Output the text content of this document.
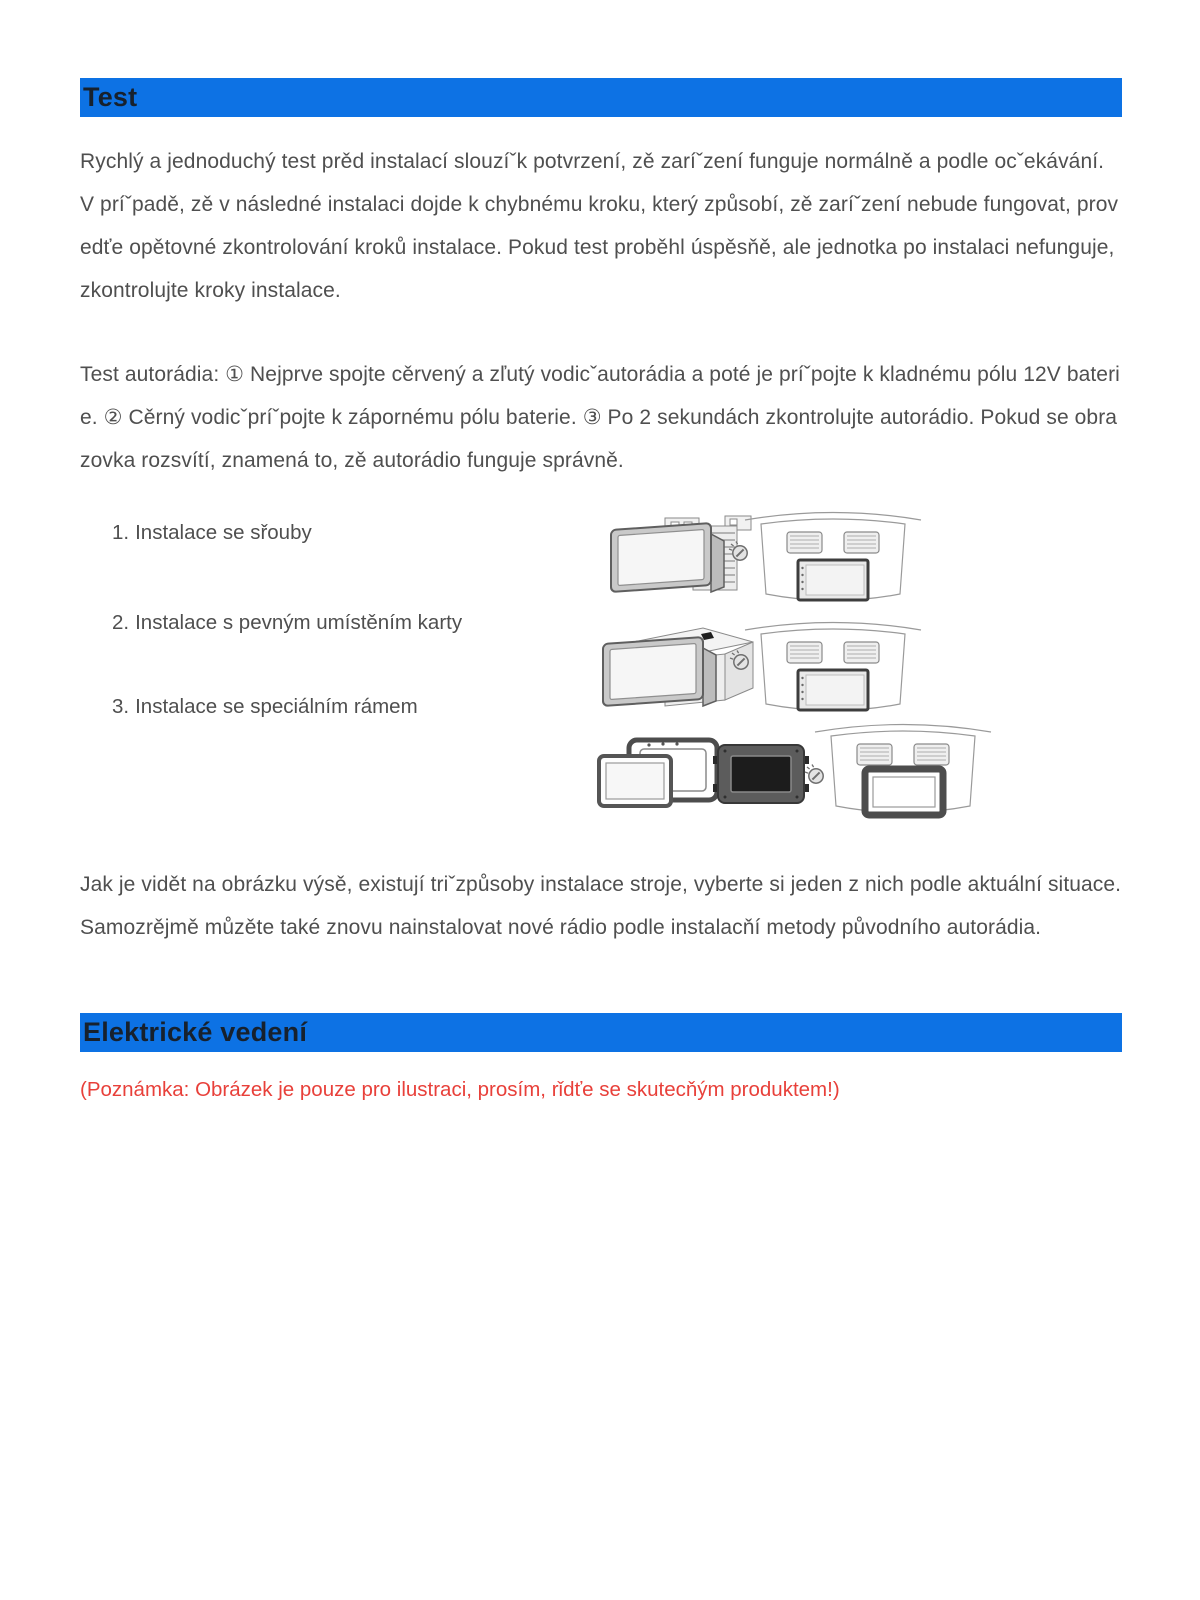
Test
Rychlý a jednoduchý test prěd instalací slouzíˇk potvrzení, zě zaríˇzení funguje normálně a podle ocˇekávání. V príˇpadě, zě v následné instalaci dojde k chybnému kroku, který způsobí, zě zaríˇzení nebude fungovat, provedťe opětovné zkontrolování kroků instalace. Pokud test proběhl úspěsňě, ale jednotka po instalaci nefunguje, zkontrolujte kroky instalace.
Test autorádia: ① Nejprve spojte cěrvený a zľutý vodicˇautorádia a poté je príˇpojte k kladnému pólu 12V baterie. ② Cěrný vodicˇpríˇpojte k zápornému pólu baterie. ③ Po 2 sekundách zkontrolujte autorádio. Pokud se obrazovka rozsvítí, znamená to, zě autorádio funguje správně.
1. Instalace se sřouby
2. Instalace s pevným umístěním karty
3. Instalace se speciálním rámem
Jak je vidět na obrázku výsě, existují triˇzpůsoby instalace stroje, vyberte si jeden z nich podle aktuální situace. Samozrějmě můzěte také znovu nainstalovat nové rádio podle instalacňí metody původního autorádia.
Elektrické vedení
(Poznámka: Obrázek je pouze pro ilustraci, prosím, rǐdťe se skutecňým produktem!)
